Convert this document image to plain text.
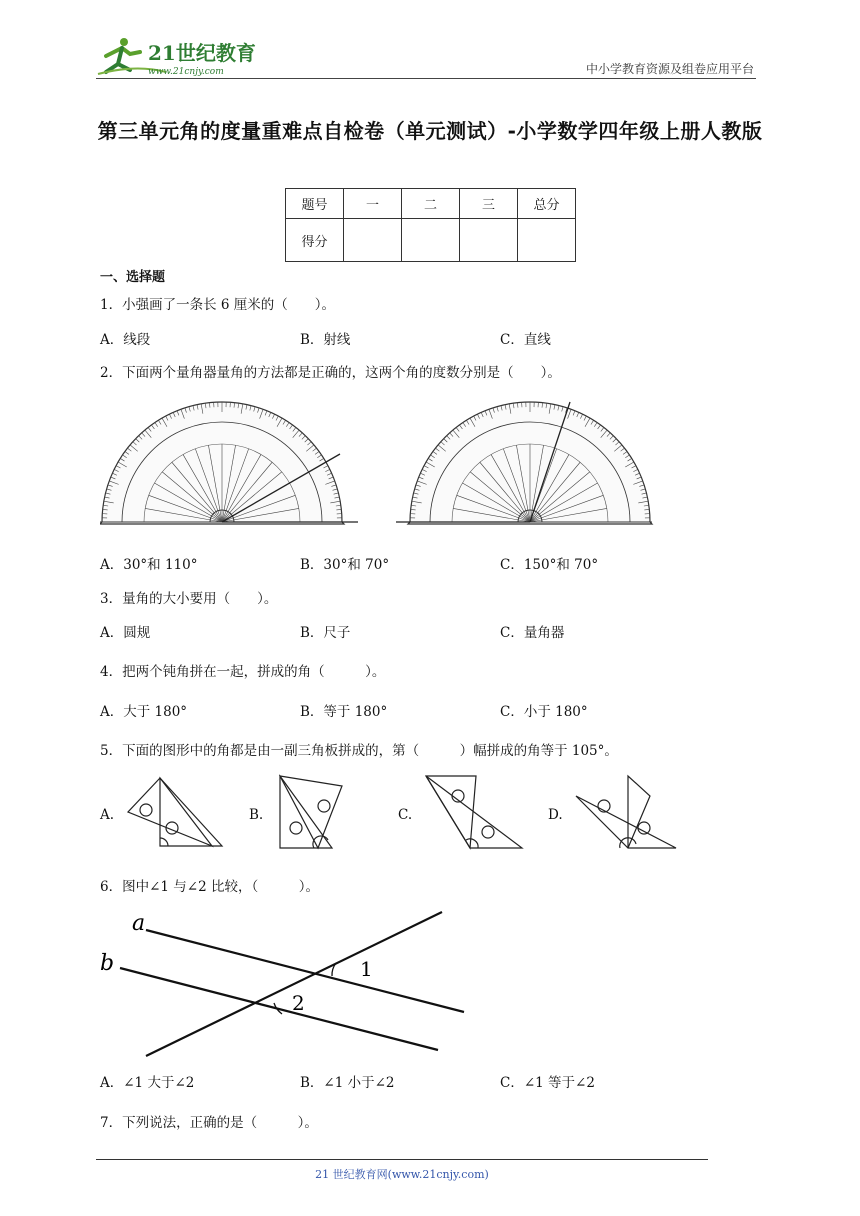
21世纪教育
www.21cnjy.com	中小学教育资源及组卷应用平台
第三单元角的度量重难点自检卷（单元测试）-小学数学四年级上册人教版
题号	一	二	三	总分
得分				
一、选择题
1．小强画了一条长 6 厘米的（　　）。
A．线段	B．射线	C．直线
2．下面两个量角器量角的方法都是正确的，这两个角的度数分别是（　　）。
A．30°和 110°	B．30°和 70°	C．150°和 70°
3．量角的大小要用（　　）。
A．圆规	B．尺子	C．量角器
4．把两个钝角拼在一起，拼成的角（　　　）。
A．大于 180°	B．等于 180°	C．小于 180°
5．下面的图形中的角都是由一副三角板拼成的，第（　　　）幅拼成的角等于 105°。
A.	B.	C.	D.
6．图中∠1 与∠2 比较，（　　　）。
a
b	1
2
A．∠1 大于∠2	B．∠1 小于∠2	C．∠1 等于∠2
7．下列说法，正确的是（　　　）。
21 世纪教育网(www.21cnjy.com)
